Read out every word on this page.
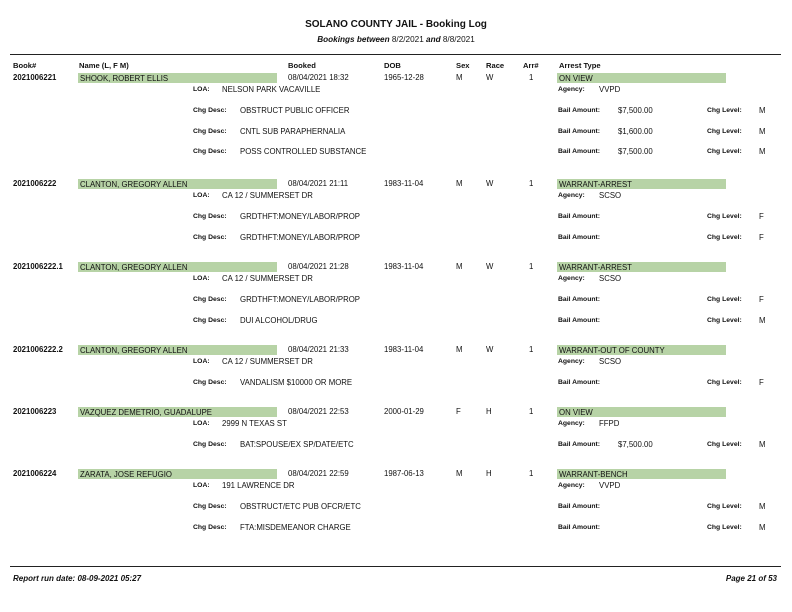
SOLANO COUNTY JAIL - Booking Log
Bookings between 8/2/2021 and 8/8/2021
Book#	Name (L, F M)	Booked	DOB	Sex Race Arr#	Arrest Type
2021006221	SHOOK, ROBERT ELLIS	08/04/2021 18:32	1965-12-28	M	W	1	ON VIEW
LOA: NELSON PARK VACAVILLE	Agency: VVPD
Chg Desc: OBSTRUCT PUBLIC OFFICER	Bail Amount: $7,500.00	Chg Level: M
Chg Desc: CNTL SUB PARAPHERNALIA	Bail Amount: $1,600.00	Chg Level: M
Chg Desc: POSS CONTROLLED SUBSTANCE	Bail Amount: $7,500.00	Chg Level: M
2021006222	CLANTON, GREGORY ALLEN	08/04/2021 21:11	1983-11-04	M	W	1	WARRANT-ARREST
LOA: CA 12 / SUMMERSET DR	Agency: SCSO
Chg Desc: GRDTHFT:MONEY/LABOR/PROP	Bail Amount:	Chg Level: F
Chg Desc: GRDTHFT:MONEY/LABOR/PROP	Bail Amount:	Chg Level: F
2021006222.1 CLANTON, GREGORY ALLEN	08/04/2021 21:28	1983-11-04	M	W	1	WARRANT-ARREST
LOA: CA 12 / SUMMERSET DR	Agency: SCSO
Chg Desc: GRDTHFT:MONEY/LABOR/PROP	Bail Amount:	Chg Level: F
Chg Desc: DUI ALCOHOL/DRUG	Bail Amount:	Chg Level: M
2021006222.2 CLANTON, GREGORY ALLEN	08/04/2021 21:33	1983-11-04	M	W	1	WARRANT-OUT OF COUNTY
LOA: CA 12 / SUMMERSET DR	Agency: SCSO
Chg Desc: VANDALISM $10000 OR MORE	Bail Amount:	Chg Level: F
2021006223	VAZQUEZ DEMETRIO, GUADALUPE	08/04/2021 22:53	2000-01-29	F	H	1	ON VIEW
LOA: 2999 N TEXAS ST	Agency: FFPD
Chg Desc: BAT:SPOUSE/EX SP/DATE/ETC	Bail Amount: $7,500.00	Chg Level: M
2021006224	ZARATA, JOSE REFUGIO	08/04/2021 22:59	1987-06-13	M	H	1	WARRANT-BENCH
LOA: 191 LAWRENCE DR	Agency: VVPD
Chg Desc: OBSTRUCT/ETC PUB OFCR/ETC	Bail Amount:	Chg Level: M
Chg Desc: FTA:MISDEMEANOR CHARGE	Bail Amount:	Chg Level: M
Report run date: 08-09-2021 05:27	Page 21 of 53
